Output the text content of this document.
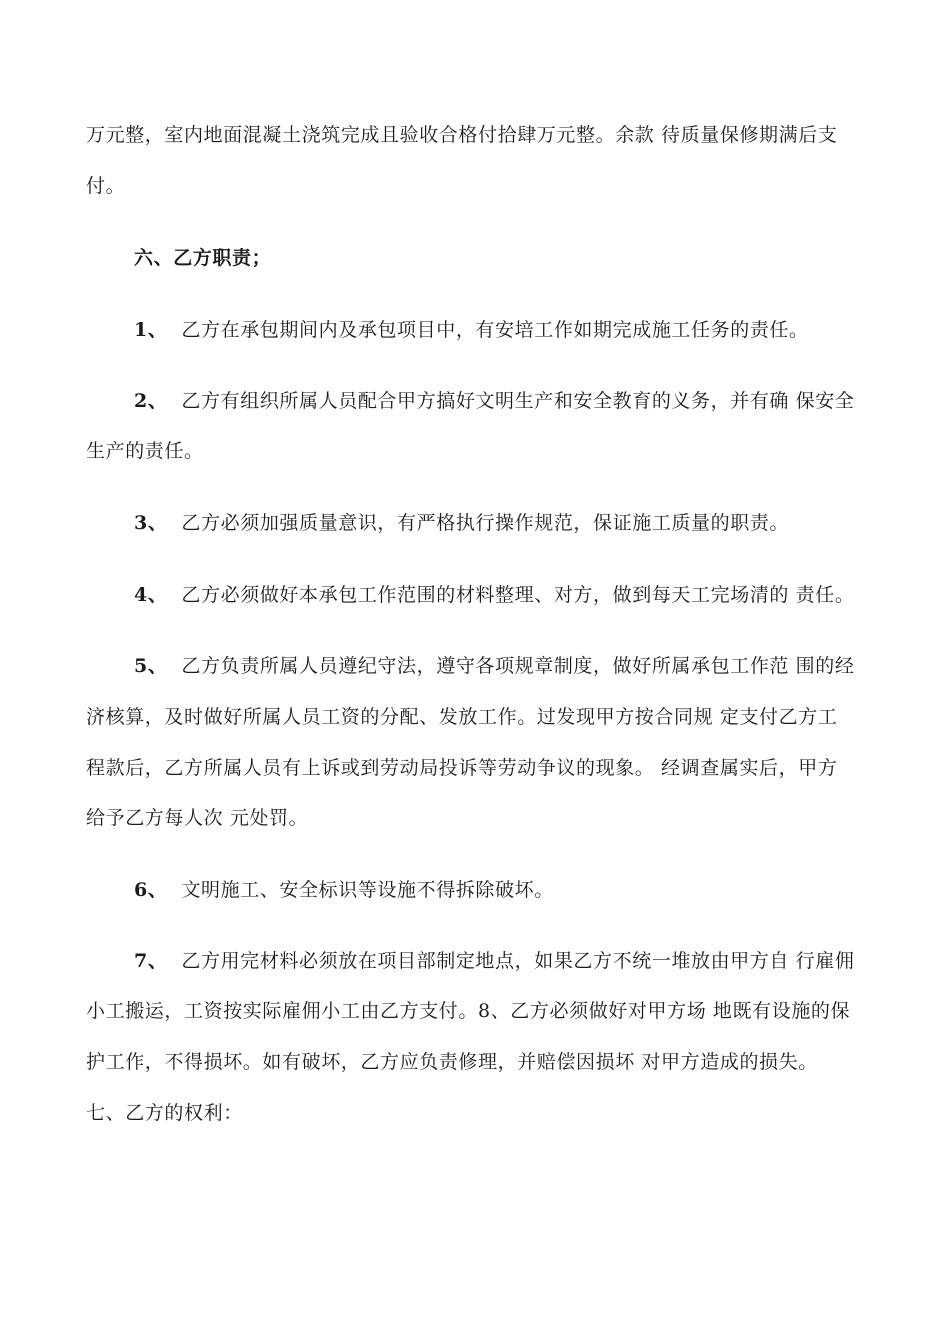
万元整，室内地面混凝土浇筑完成且验收合格付拾肆万元整。余款 待质量保修期满后支
付。
六、乙方职责；
1、 乙方在承包期间内及承包项目中，有安培工作如期完成施工任务的责任。
2、 乙方有组织所属人员配合甲方搞好文明生产和安全教育的义务，并有确 保安全
生产的责任。
3、 乙方必须加强质量意识，有严格执行操作规范，保证施工质量的职责。
4、 乙方必须做好本承包工作范围的材料整理、对方，做到每天工完场清的 责任。
5、 乙方负责所属人员遵纪守法，遵守各项规章制度，做好所属承包工作范 围的经
济核算，及时做好所属人员工资的分配、发放工作。过发现甲方按合同规 定支付乙方工
程款后，乙方所属人员有上诉或到劳动局投诉等劳动争议的现象。 经调查属实后，甲方
给予乙方每人次 元处罚。
6、 文明施工、安全标识等设施不得拆除破坏。
7、 乙方用完材料必须放在项目部制定地点，如果乙方不统一堆放由甲方自 行雇佣
小工搬运，工资按实际雇佣小工由乙方支付。8、乙方必须做好对甲方场 地既有设施的保
护工作，不得损坏。如有破坏，乙方应负责修理，并赔偿因损坏 对甲方造成的损失。
七、乙方的权利：
